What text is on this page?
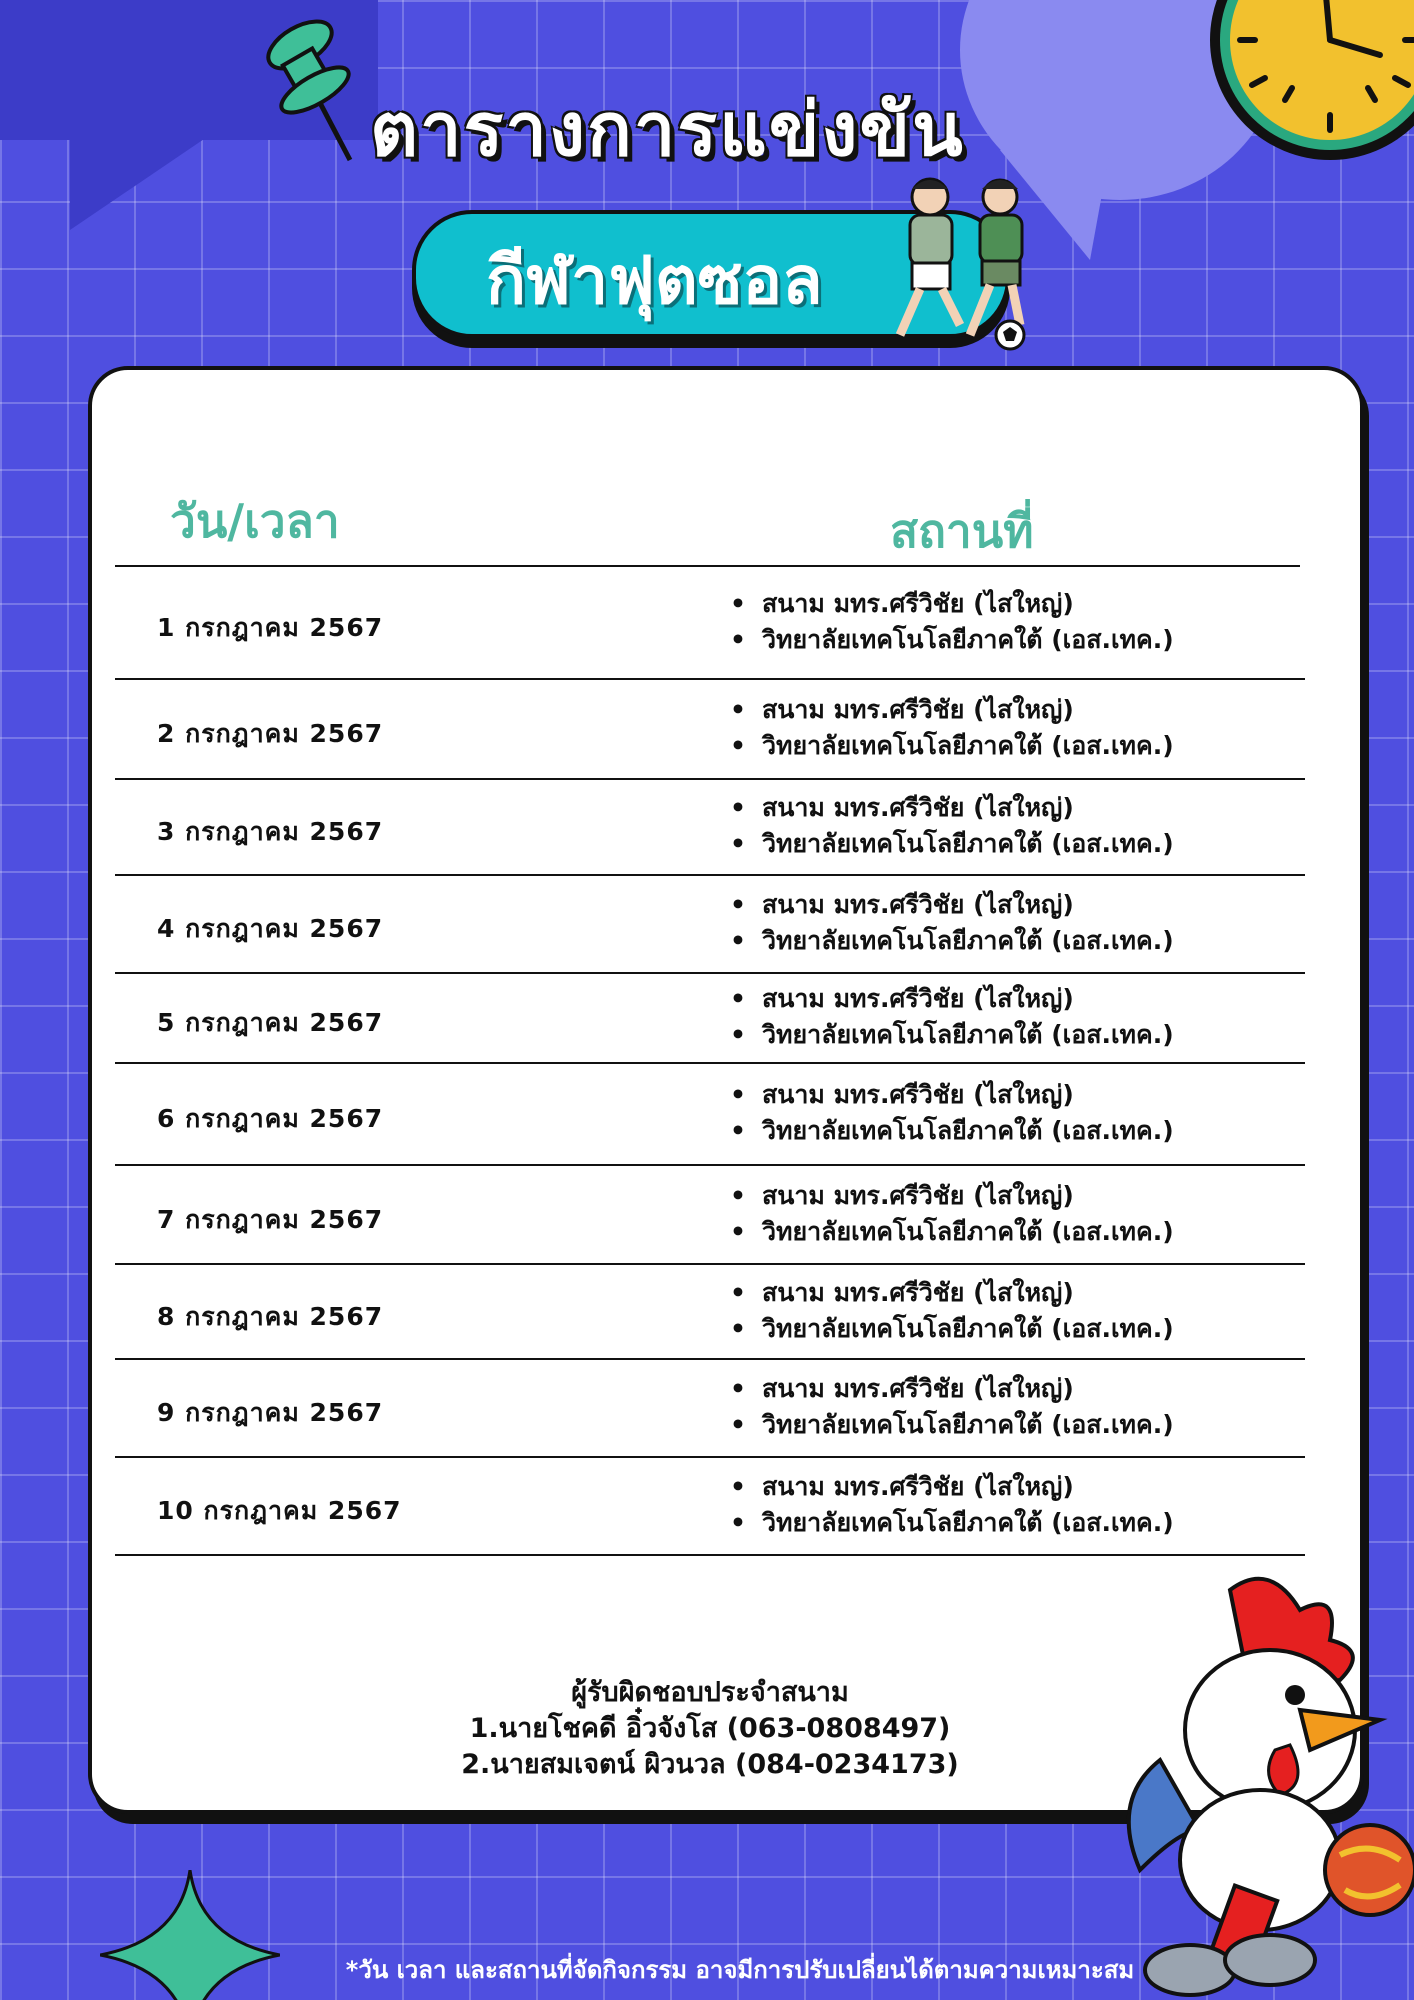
ตารางการแข่งขัน
กีฬาฟุตซอล
วัน/เวลา	สถานที่
1 กรกฎาคม 2567
• สนาม มทร.ศรีวิชัย (ไสใหญ่)
• วิทยาลัยเทคโนโลยีภาคใต้ (เอส.เทค.)
2 กรกฎาคม 2567
• สนาม มทร.ศรีวิชัย (ไสใหญ่)
• วิทยาลัยเทคโนโลยีภาคใต้ (เอส.เทค.)
3 กรกฎาคม 2567
• สนาม มทร.ศรีวิชัย (ไสใหญ่)
• วิทยาลัยเทคโนโลยีภาคใต้ (เอส.เทค.)
4 กรกฎาคม 2567
• สนาม มทร.ศรีวิชัย (ไสใหญ่)
• วิทยาลัยเทคโนโลยีภาคใต้ (เอส.เทค.)
5 กรกฎาคม 2567
• สนาม มทร.ศรีวิชัย (ไสใหญ่)
• วิทยาลัยเทคโนโลยีภาคใต้ (เอส.เทค.)
6 กรกฎาคม 2567
• สนาม มทร.ศรีวิชัย (ไสใหญ่)
• วิทยาลัยเทคโนโลยีภาคใต้ (เอส.เทค.)
7 กรกฎาคม 2567
• สนาม มทร.ศรีวิชัย (ไสใหญ่)
• วิทยาลัยเทคโนโลยีภาคใต้ (เอส.เทค.)
8 กรกฎาคม 2567
• สนาม มทร.ศรีวิชัย (ไสใหญ่)
• วิทยาลัยเทคโนโลยีภาคใต้ (เอส.เทค.)
9 กรกฎาคม 2567
• สนาม มทร.ศรีวิชัย (ไสใหญ่)
• วิทยาลัยเทคโนโลยีภาคใต้ (เอส.เทค.)
10 กรกฎาคม 2567
• สนาม มทร.ศรีวิชัย (ไสใหญ่)
• วิทยาลัยเทคโนโลยีภาคใต้ (เอส.เทค.)
ผู้รับผิดชอบประจำสนาม
1.นายโชคดี อิ๋วจังโส (063-0808497)
2.นายสมเจตน์ ผิวนวล (084-0234173)
*วัน เวลา และสถานที่จัดกิจกรรม อาจมีการปรับเปลี่ยนได้ตามความเหมาะสม
